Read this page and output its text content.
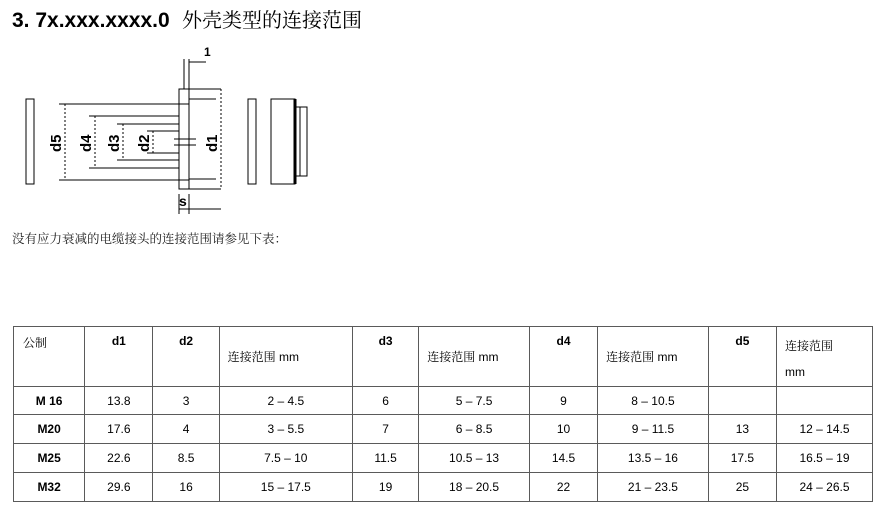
3. 7x.xxx.xxxx.0 外壳类型的连接范围
d5 d4 d3 d2	d1
s
1
没有应力衰减的电缆接头的连接范围请参见下表：
公制	d1	d2	连接范围 mm	d3	连接范围 mm	d4	连接范围 mm	d5	连接范围
mm

M 16	13.8	3	2 – 4.5	6	5 – 7.5	9	8 – 10.5		
M20	17.6	4	3 – 5.5	7	6 – 8.5	10	9 – 11.5	13	12 – 14.5
M25	22.6	8.5	7.5 – 10	11.5	10.5 – 13	14.5	13.5 – 16	17.5	16.5 – 19
M32	29.6	16	15 – 17.5	19	18 – 20.5	22	21 – 23.5	25	24 – 26.5
